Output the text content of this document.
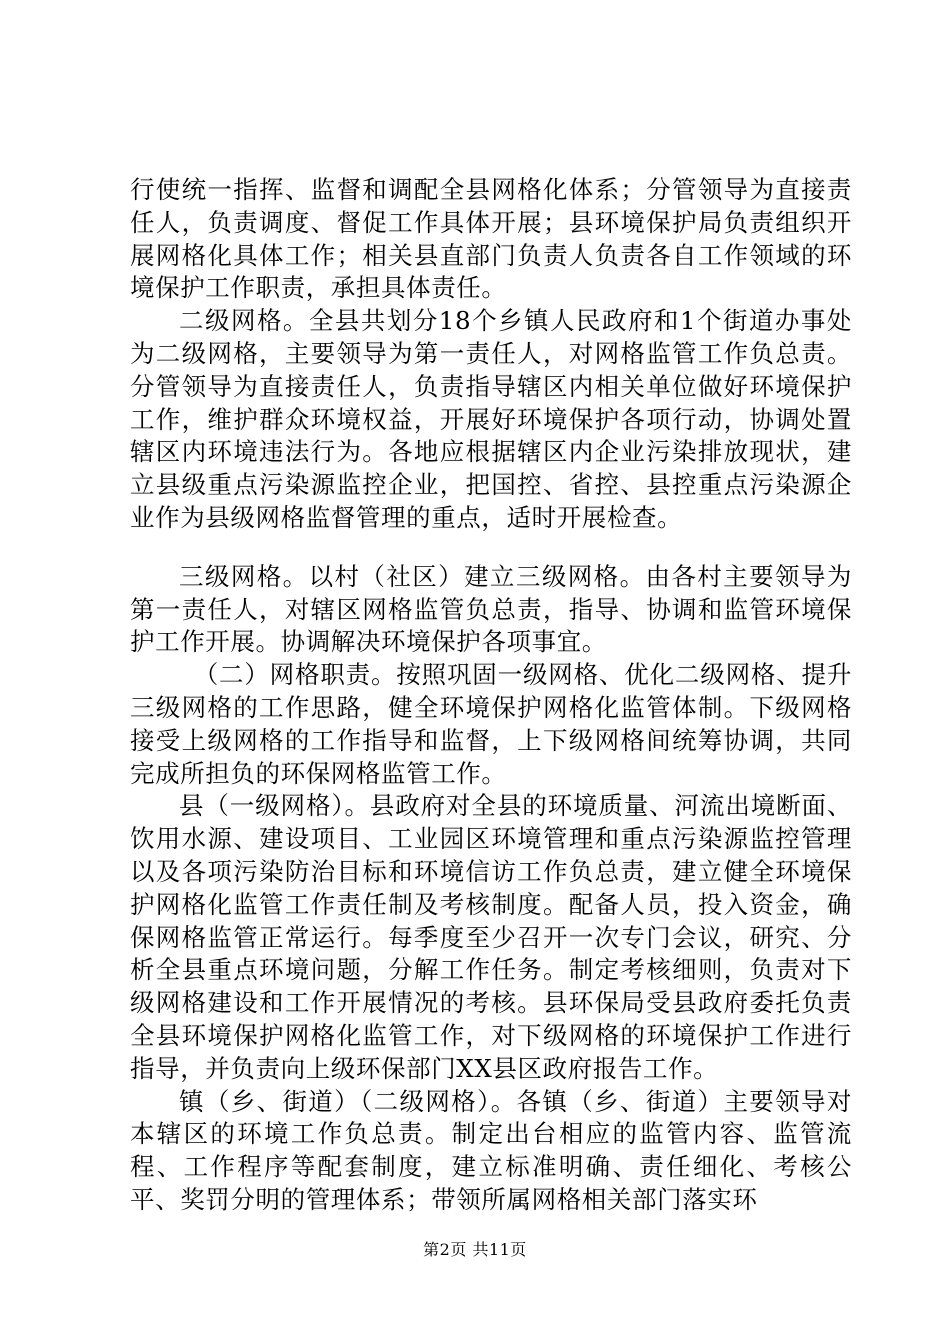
行使统一指挥、监督和调配全县网格化体系；分管领导为直接责任人，负责调度、督促工作具体开展；县环境保护局负责组织开展网格化具体工作；相关县直部门负责人负责各自工作领域的环境保护工作职责，承担具体责任。

二级网格。全县共划分18个乡镇人民政府和1个街道办事处为二级网格，主要领导为第一责任人，对网格监管工作负总责。分管领导为直接责任人，负责指导辖区内相关单位做好环境保护工作，维护群众环境权益，开展好环境保护各项行动，协调处置辖区内环境违法行为。各地应根据辖区内企业污染排放现状，建立县级重点污染源监控企业，把国控、省控、县控重点污染源企业作为县级网格监督管理的重点，适时开展检查。

三级网格。以村（社区）建立三级网格。由各村主要领导为第一责任人，对辖区网格监管负总责，指导、协调和监管环境保护工作开展。协调解决环境保护各项事宜。

（二）网格职责。按照巩固一级网格、优化二级网格、提升三级网格的工作思路，健全环境保护网格化监管体制。下级网格接受上级网格的工作指导和监督，上下级网格间统筹协调，共同完成所担负的环保网格监管工作。

县（一级网格）。县政府对全县的环境质量、河流出境断面、饮用水源、建设项目、工业园区环境管理和重点污染源监控管理以及各项污染防治目标和环境信访工作负总责，建立健全环境保护网格化监管工作责任制及考核制度。配备人员，投入资金，确保网格监管正常运行。每季度至少召开一次专门会议，研究、分析全县重点环境问题，分解工作任务。制定考核细则，负责对下级网格建设和工作开展情况的考核。县环保局受县政府委托负责全县环境保护网格化监管工作，对下级网格的环境保护工作进行指导，并负责向上级环保部门XX县区政府报告工作。

镇（乡、街道）（二级网格）。各镇（乡、街道）主要领导对本辖区的环境工作负总责。制定出台相应的监管内容、监管流程、工作程序等配套制度，建立标准明确、责任细化、考核公平、奖罚分明的管理体系；带领所属网格相关部门落实环

第2页 共11页
